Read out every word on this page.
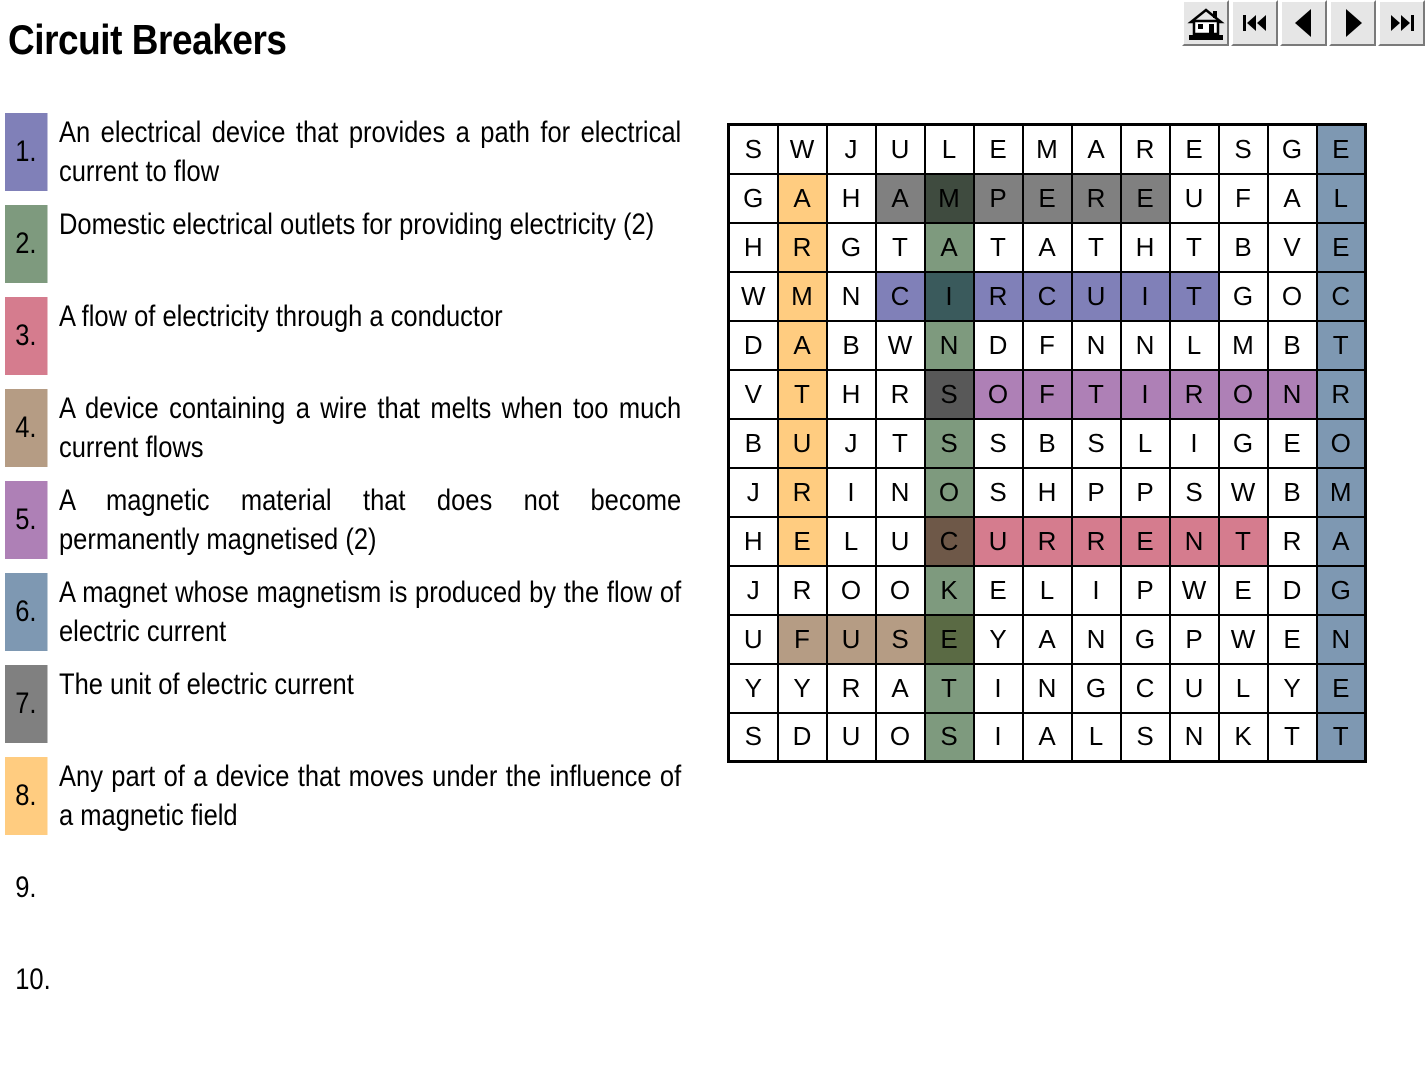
Circuit Breakers
1.
An electrical device that provides a path for electrical current to flow
2.
Domestic electrical outlets for providing electricity (2)
3.
A flow of electricity through a conductor
4.
A device containing a wire that melts when too much current flows
5.
A magnetic material that does not become permanently magnetised (2)
6.
A magnet whose magnetism is produced by the flow of electric current
7.
The unit of electric current
8.
Any part of a device that moves under the influence of a magnetic field
9.
10.
S	W	J	U	L	E	M	A	R	E	S	G	E
G	A	H	A	M	P	E	R	E	U	F	A	L
H	R	G	T	A	T	A	T	H	T	B	V	E
W	M	N	C	I	R	C	U	I	T	G	O	C
D	A	B	W	N	D	F	N	N	L	M	B	T
V	T	H	R	S	O	F	T	I	R	O	N	R
B	U	J	T	S	S	B	S	L	I	G	E	O
J	R	I	N	O	S	H	P	P	S	W	B	M
H	E	L	U	C	U	R	R	E	N	T	R	A
J	R	O	O	K	E	L	I	P	W	E	D	G
U	F	U	S	E	Y	A	N	G	P	W	E	N
Y	Y	R	A	T	I	N	G	C	U	L	Y	E
S	D	U	O	S	I	A	L	S	N	K	T	T
